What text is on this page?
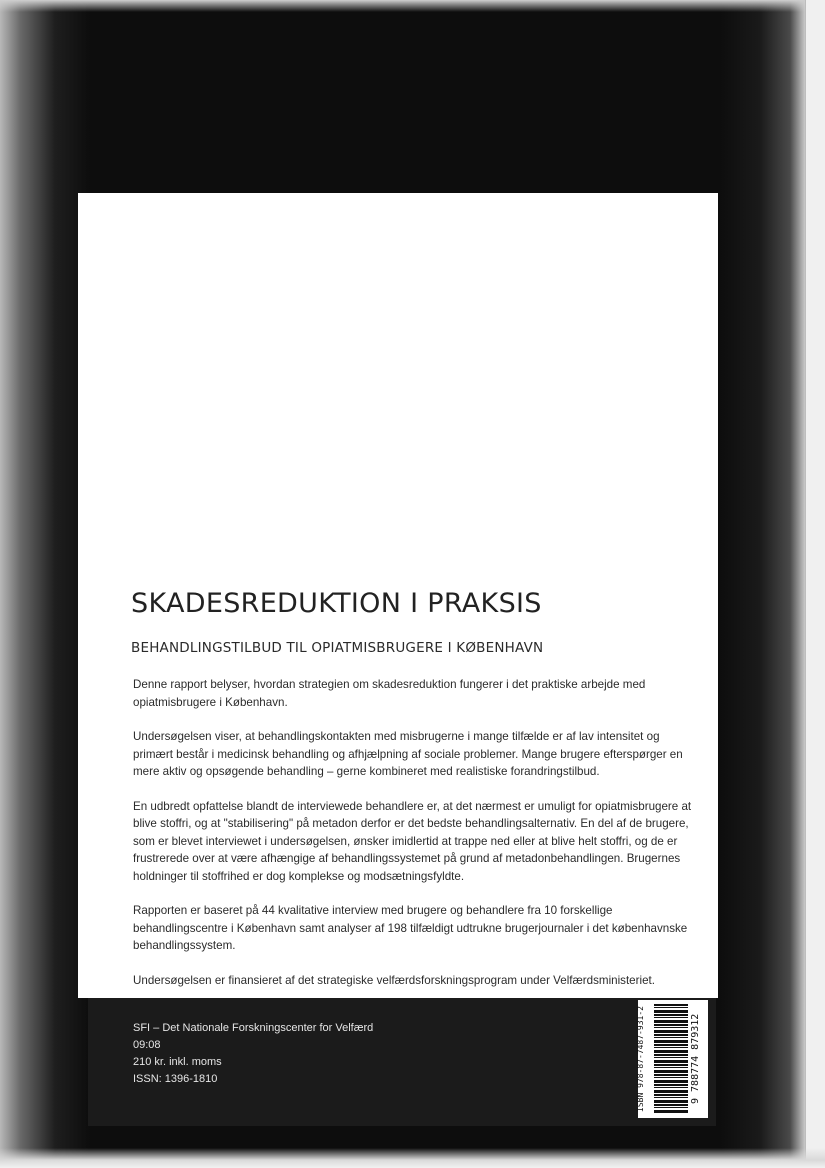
SKADESREDUKTION I PRAKSIS
BEHANDLINGSTILBUD TIL OPIATMISBRUGERE I KØBENHAVN

Denne rapport belyser, hvordan strategien om skadesreduktion fungerer i det praktiske arbejde med opiatmisbrugere i København.

Undersøgelsen viser, at behandlingskontakten med misbrugerne i mange tilfælde er af lav intensitet og primært består i medicinsk behandling og afhjælpning af sociale problemer. Mange brugere efterspørger en mere aktiv og opsøgende behandling – gerne kombineret med realistiske forandringstilbud.

En udbredt opfattelse blandt de interviewede behandlere er, at det nærmest er umuligt for opiatmisbrugere at blive stoffri, og at "stabilisering" på metadon derfor er det bedste behandlingsalternativ. En del af de brugere, som er blevet interviewet i undersøgelsen, ønsker imidlertid at trappe ned eller at blive helt stoffri, og de er frustrerede over at være afhængige af behandlingssystemet på grund af metadonbehandlingen. Brugernes holdninger til stoffrihed er dog komplekse og modsætningsfyldte.

Rapporten er baseret på 44 kvalitative interview med brugere og behandlere fra 10 forskellige behandlingscentre i København samt analyser af 198 tilfældigt udtrukne brugerjournaler i det københavnske behandlingssystem.

Undersøgelsen er finansieret af det strategiske velfærdsforskningsprogram under Velfærdsministeriet.

SFI – Det Nationale Forskningscenter for Velfærd
09:08
210 kr. inkl. moms
ISSN: 1396-1810	ISBN 978-87-7487-931-2	9 788774 879312
